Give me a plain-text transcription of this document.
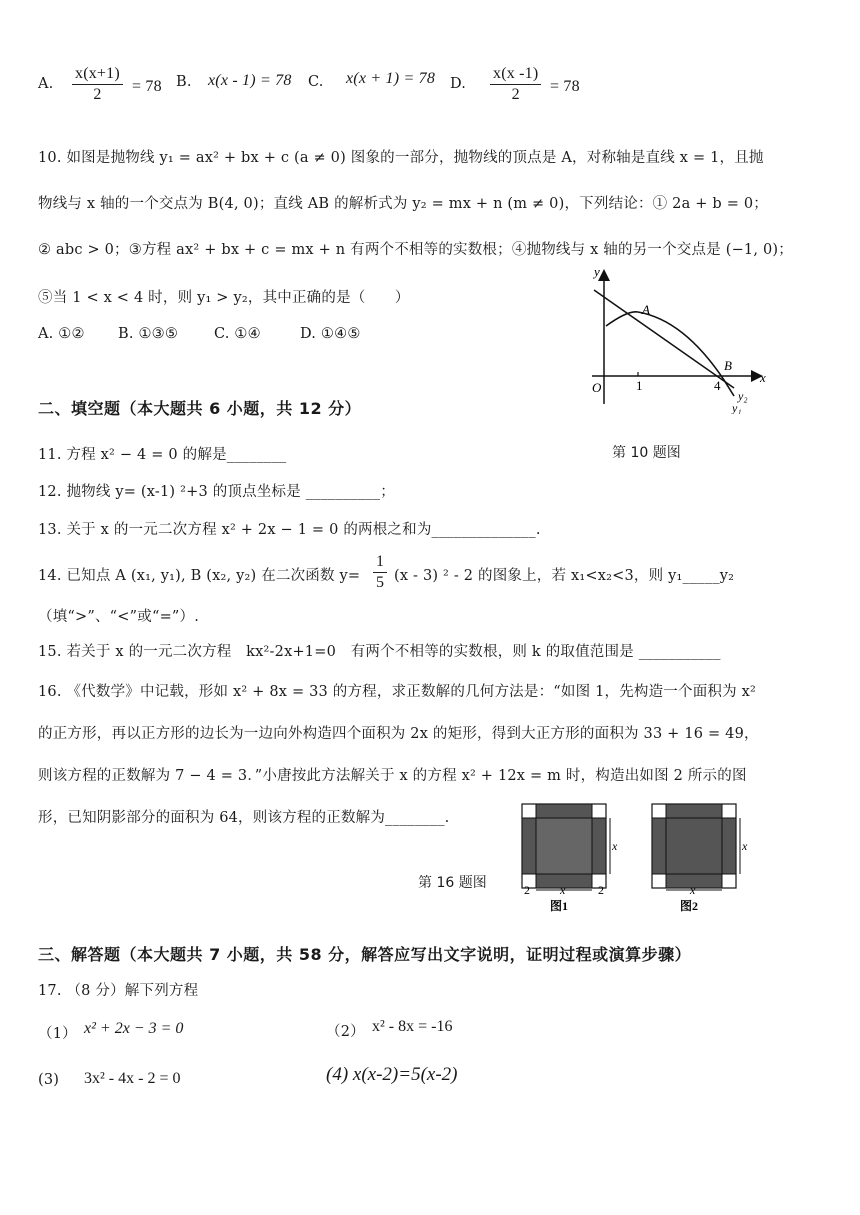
A. $\frac{x(x+1)}{2} = 78$ B. x(x - 1) = 78 C. x(x + 1) = 78 D. $\frac{x(x -1)}{2} = 78$
10. 如图是抛物线 y₁ = ax² + bx + c (a ≠ 0) 图象的一部分，抛物线的顶点是 A，对称轴是直线 x = 1，且抛
物线与 x 轴的一个交点为 B(4, 0)；直线 AB 的解析式为 y₂ = mx + n (m ≠ 0)，下列结论：① 2a + b = 0；
② abc > 0；③方程 ax² + bx + c = mx + n 有两个不相等的实数根；④抛物线与 x 轴的另一个交点是 (−1, 0)；
⑤当 1 < x < 4 时，则 y₁ > y₂，其中正确的是（　　）
A. ①② B. ①③⑤ C. ①④	D. ①④⑤
y
x
O
A
B
1	4
y₂
y₁
第 10 题图
二、填空题（本大题共 6 小题，共 12 分）
11. 方程 x² − 4 = 0 的解是________
12. 抛物线 y= (x-1) ²+3 的顶点坐标是 __________；
13. 关于 x 的一元二次方程 x² + 2x − 1 = 0 的两根之和为______________.
14. 已知点 A (x₁, y₁), B (x₂, y₂) 在二次函数 $y= \frac{1}{5} (x - 3)$ ² - 2 的图象上，若 x₁<x₂<3，则 y₁_____y₂
（填“>”、“<”或“=”）.
15. 若关于 x 的一元二次方程　kx²-2x+1=0　有两个不相等的实数根，则 k 的取值范围是 ___________
16. 《代数学》中记载，形如 x² + 8x = 33 的方程，求正数解的几何方法是：“如图 1，先构造一个面积为 x²
的正方形，再以正方形的边长为一边向外构造四个面积为 2x 的矩形，得到大正方形的面积为 33 + 16 = 49，
则该方程的正数解为 7 − 4 = 3．”小唐按此方法解关于 x 的方程 x² + 12x = m 时，构造出如图 2 所示的图
形，已知阴影部分的面积为 64，则该方程的正数解为________.
x
2	x	2
图1
x
x
图2
第 16 题图
三、解答题（本大题共 7 小题，共 58 分，解答应写出文字说明，证明过程或演算步骤）
17. （8 分）解下列方程
（1） x² + 2x − 3 = 0	（2） x² - 8x = -16
(3) 3x² - 4x - 2 = 0	(4) x(x-2)=5(x-2)
